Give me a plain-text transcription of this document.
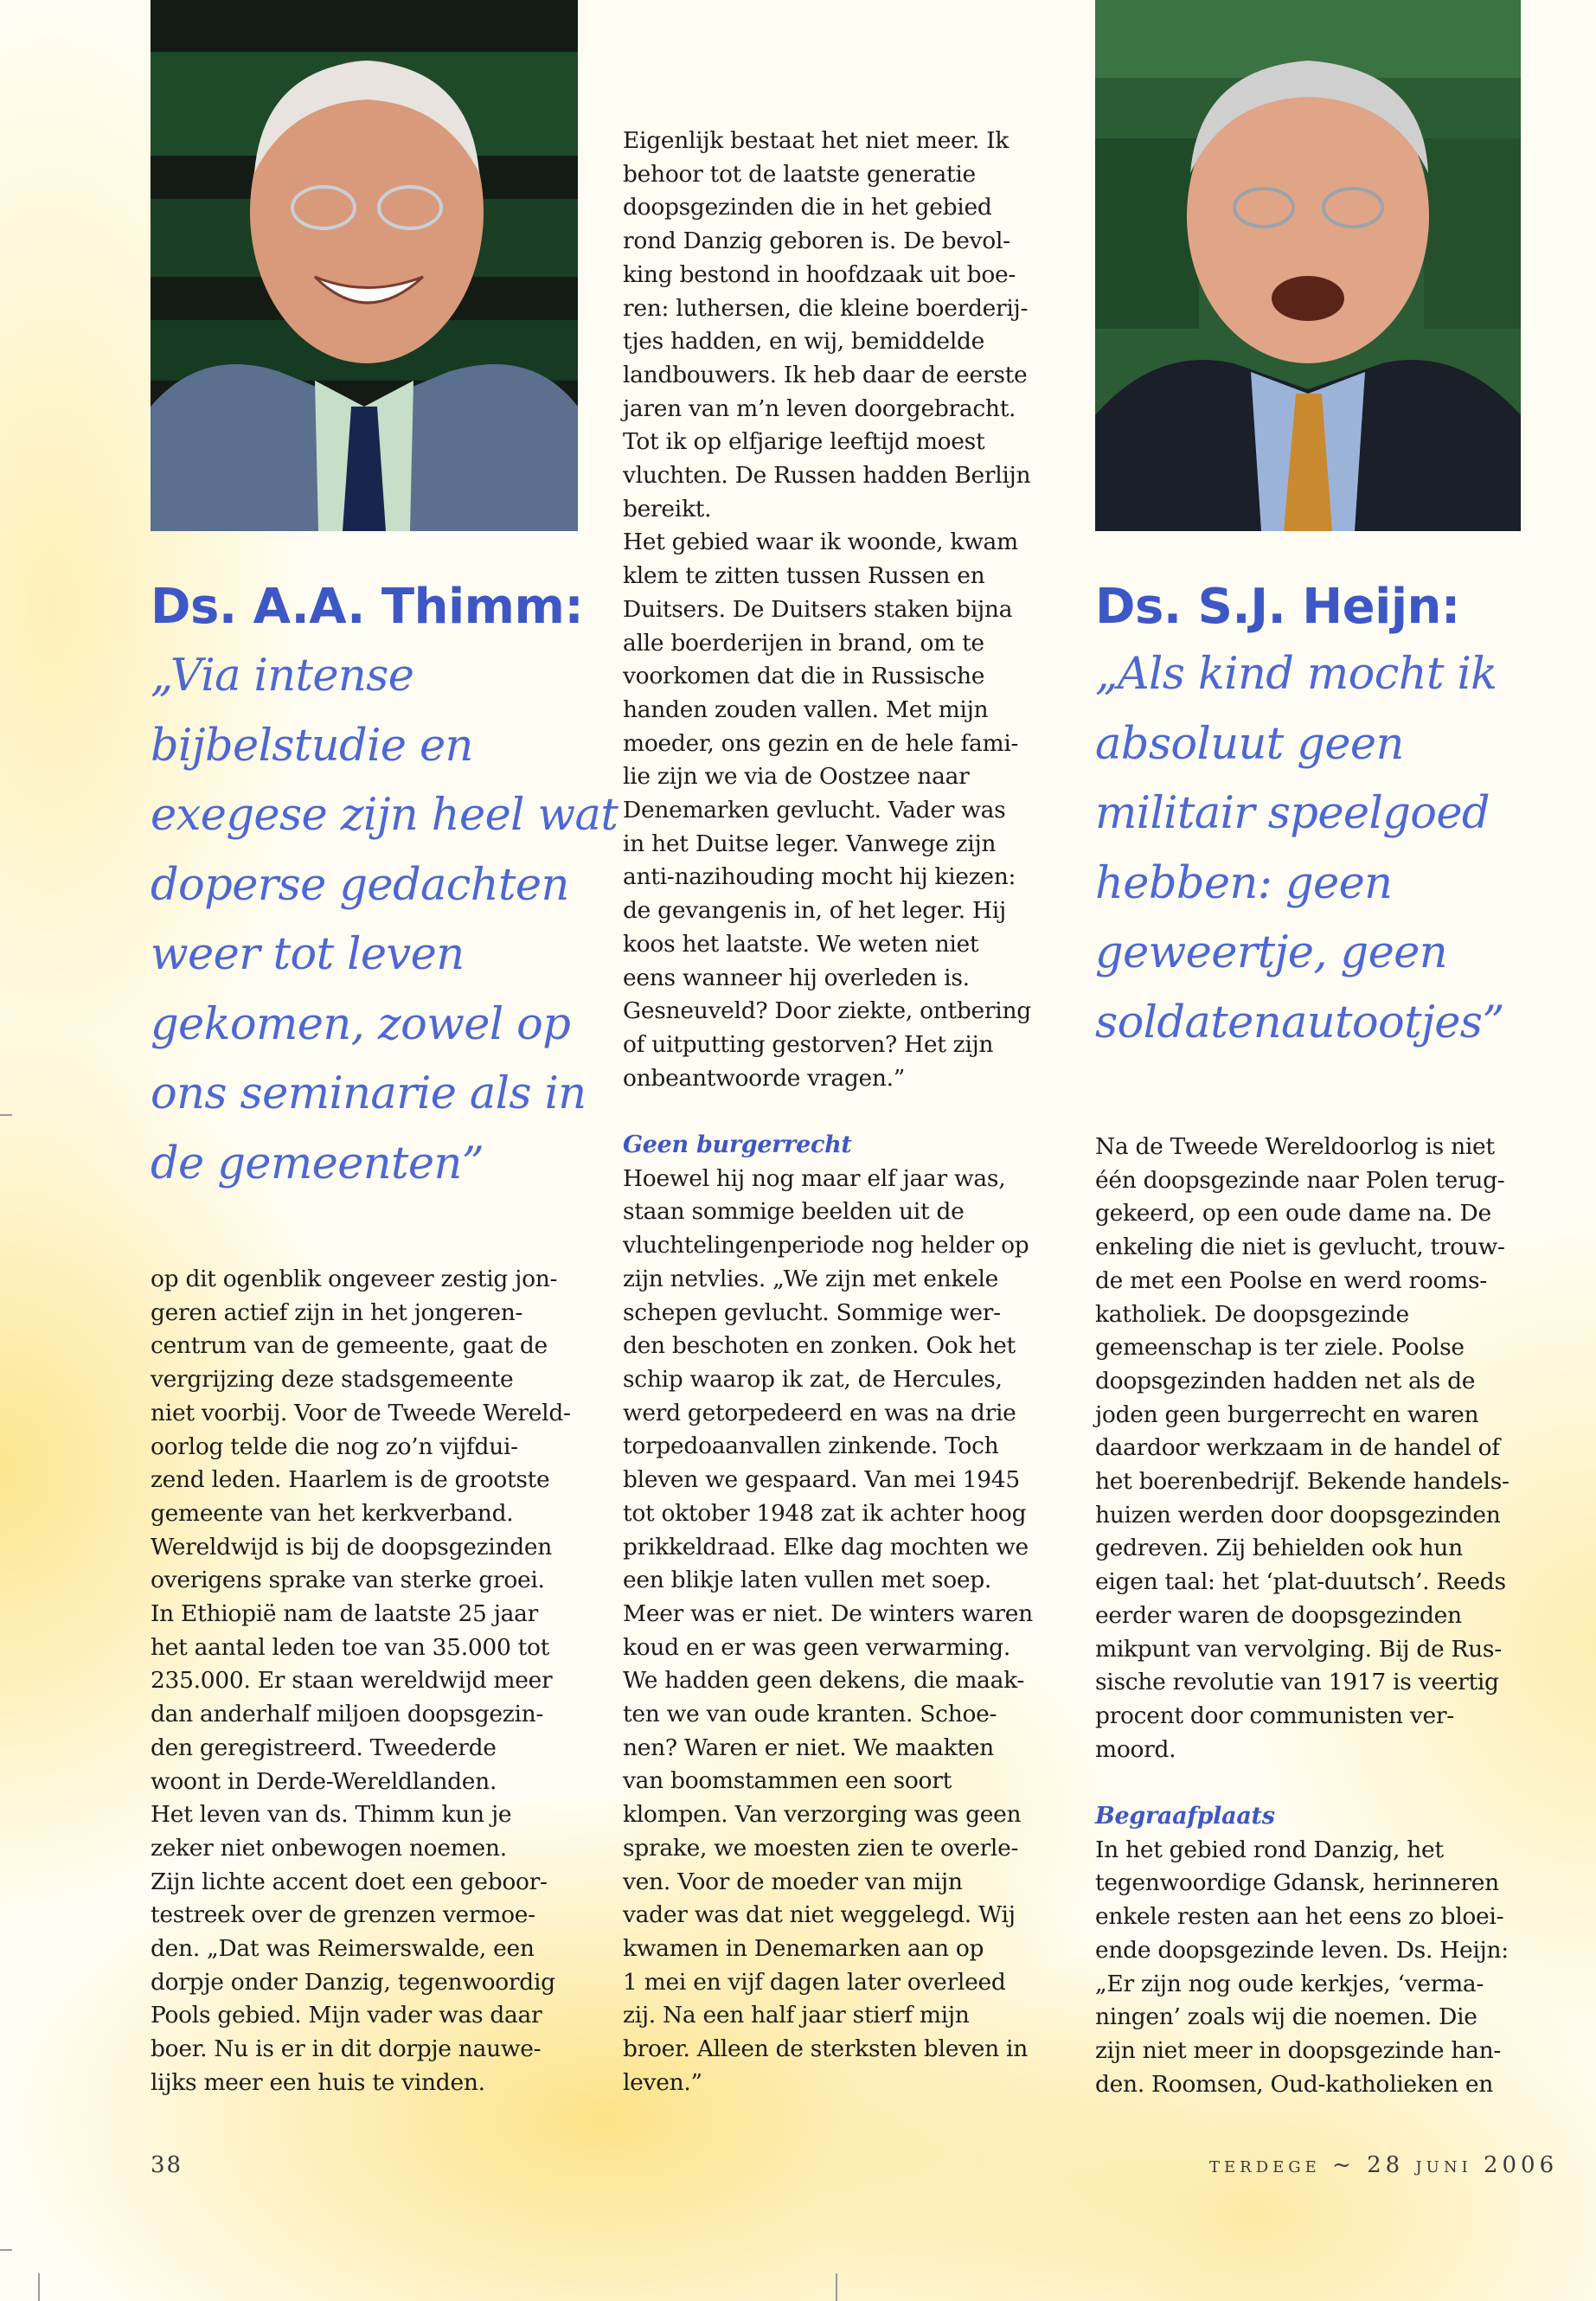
Ds. A.A. Thimm:
„Via intense
bijbelstudie en
exegese zijn heel wat
doperse gedachten
weer tot leven
gekomen, zowel op
ons seminarie als in
de gemeenten”
Ds. S.J. Heijn:
„Als kind mocht ik
absoluut geen
militair speelgoed
hebben: geen
geweertje, geen
soldatenautootjes”
op dit ogenblik ongeveer zestig jon-
geren actief zijn in het jongeren-
centrum van de gemeente, gaat de
vergrijzing deze stadsgemeente
niet voorbij. Voor de Tweede Wereld-
oorlog telde die nog zo’n vijfdui-
zend leden. Haarlem is de grootste
gemeente van het kerkverband.
Wereldwijd is bij de doopsgezinden
overigens sprake van sterke groei.
In Ethiopië nam de laatste 25 jaar
het aantal leden toe van 35.000 tot
235.000. Er staan wereldwijd meer
dan anderhalf miljoen doopsgezin-
den geregistreerd. Tweederde
woont in Derde-Wereldlanden.
Het leven van ds. Thimm kun je
zeker niet onbewogen noemen.
Zijn lichte accent doet een geboor-
testreek over de grenzen vermoe-
den. „Dat was Reimerswalde, een
dorpje onder Danzig, tegenwoordig
Pools gebied. Mijn vader was daar
boer. Nu is er in dit dorpje nauwe-
lijks meer een huis te vinden.
Eigenlijk bestaat het niet meer. Ik
behoor tot de laatste generatie
doopsgezinden die in het gebied
rond Danzig geboren is. De bevol-
king bestond in hoofdzaak uit boe-
ren: luthersen, die kleine boerderij-
tjes hadden, en wij, bemiddelde
landbouwers. Ik heb daar de eerste
jaren van m’n leven doorgebracht.
Tot ik op elfjarige leeftijd moest
vluchten. De Russen hadden Berlijn
bereikt.
Het gebied waar ik woonde, kwam
klem te zitten tussen Russen en
Duitsers. De Duitsers staken bijna
alle boerderijen in brand, om te
voorkomen dat die in Russische
handen zouden vallen. Met mijn
moeder, ons gezin en de hele fami-
lie zijn we via de Oostzee naar
Denemarken gevlucht. Vader was
in het Duitse leger. Vanwege zijn
anti-nazihouding mocht hij kiezen:
de gevangenis in, of het leger. Hij
koos het laatste. We weten niet
eens wanneer hij overleden is.
Gesneuveld? Door ziekte, ontbering
of uitputting gestorven? Het zijn
onbeantwoorde vragen.”
Geen burgerrecht
Hoewel hij nog maar elf jaar was,
staan sommige beelden uit de
vluchtelingenperiode nog helder op
zijn netvlies. „We zijn met enkele
schepen gevlucht. Sommige wer-
den beschoten en zonken. Ook het
schip waarop ik zat, de Hercules,
werd getorpedeerd en was na drie
torpedoaanvallen zinkende. Toch
bleven we gespaard. Van mei 1945
tot oktober 1948 zat ik achter hoog
prikkeldraad. Elke dag mochten we
een blikje laten vullen met soep.
Meer was er niet. De winters waren
koud en er was geen verwarming.
We hadden geen dekens, die maak-
ten we van oude kranten. Schoe-
nen? Waren er niet. We maakten
van boomstammen een soort
klompen. Van verzorging was geen
sprake, we moesten zien te overle-
ven. Voor de moeder van mijn
vader was dat niet weggelegd. Wij
kwamen in Denemarken aan op
1 mei en vijf dagen later overleed
zij. Na een half jaar stierf mijn
broer. Alleen de sterksten bleven in
leven.”
Na de Tweede Wereldoorlog is niet
één doopsgezinde naar Polen terug-
gekeerd, op een oude dame na. De
enkeling die niet is gevlucht, trouw-
de met een Poolse en werd rooms-
katholiek. De doopsgezinde
gemeenschap is ter ziele. Poolse
doopsgezinden hadden net als de
joden geen burgerrecht en waren
daardoor werkzaam in de handel of
het boerenbedrijf. Bekende handels-
huizen werden door doopsgezinden
gedreven. Zij behielden ook hun
eigen taal: het ‘plat-duutsch’. Reeds
eerder waren de doopsgezinden
mikpunt van vervolging. Bij de Rus-
sische revolutie van 1917 is veertig
procent door communisten ver-
moord.
Begraafplaats
In het gebied rond Danzig, het
tegenwoordige Gdansk, herinneren
enkele resten aan het eens zo bloei-
ende doopsgezinde leven. Ds. Heijn:
„Er zijn nog oude kerkjes, ‘verma-
ningen’ zoals wij die noemen. Die
zijn niet meer in doopsgezinde han-
den. Roomsen, Oud-katholieken en
38	terdege ~ 28 juni 2006
